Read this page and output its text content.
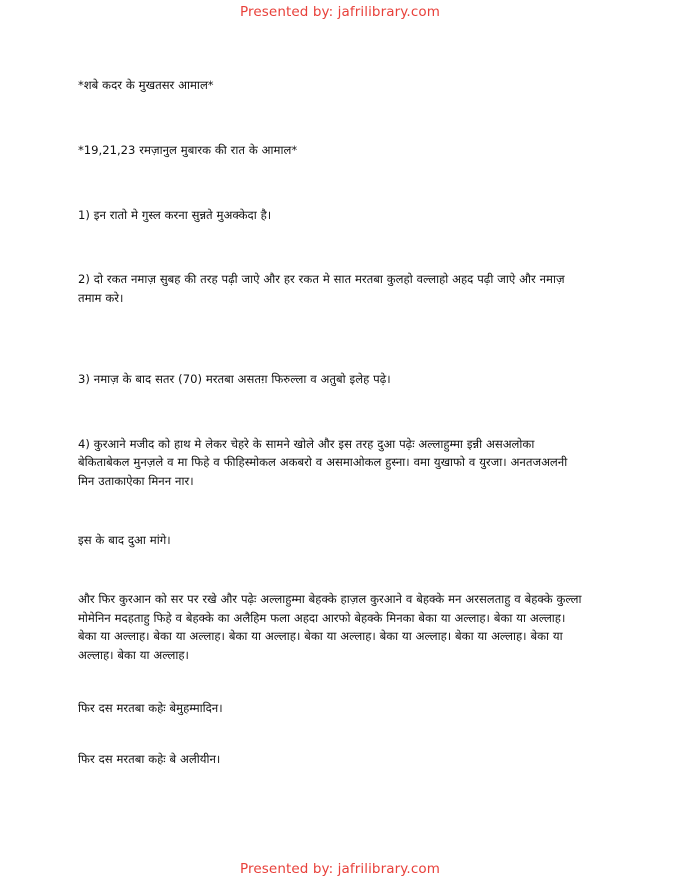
Presented by: jafrilibrary.com

*शबे कदर के मुखतसर आमाल*

*19,21,23 रमज़ानुल मुबारक की रात के आमाल*

1) इन रातो मे गुस्ल करना सुन्नते मुअक्केदा है।

2) दो रकत नमाज़ सुबह की तरह पढ़ी जाऐ और हर रकत मे सात मरतबा कुलहो वल्लाहो अहद पढ़ी जाऐ और नमाज़ तमाम करे।

3) नमाज़ के बाद सतर (70) मरतबा असतग़ फिरुल्ला व अतुबो इलेह पढ़े।

4) कुरआने मजीद को हाथ मे लेकर चेहरे के सामने खोले और इस तरह दुआ पढ़ेः अल्लाहुम्मा इन्नी असअलोका बेकिताबेकल मुनज़ले व मा फिहे व फीहिस्मोकल अकबरो व असमाओकल हुस्ना। वमा युखाफो व युरजा। अनतजअलनी मिन उताकाऐका मिनन नार।

इस के बाद दुआ मांगे।

और फिर कुरआन को सर पर रखे और पढ़ेः अल्लाहुम्मा बेहक्के हाज़ल कुरआने व बेहक्के मन अरसलताहु व बेहक्के कुल्ला मोमेनिन मदहताहु फिहे व बेहक्के का अलैहिम फला अहदा आरफो बेहक्के मिनका बेका या अल्लाह। बेका या अल्लाह। बेका या अल्लाह। बेका या अल्लाह। बेका या अल्लाह। बेका या अल्लाह। बेका या अल्लाह। बेका या अल्लाह। बेका या अल्लाह। बेका या अल्लाह।

फिर दस मरतबा कहेः बेमुहम्मादिन।

फिर दस मरतबा कहेः बे अलीयीन।

Presented by: jafrilibrary.com
